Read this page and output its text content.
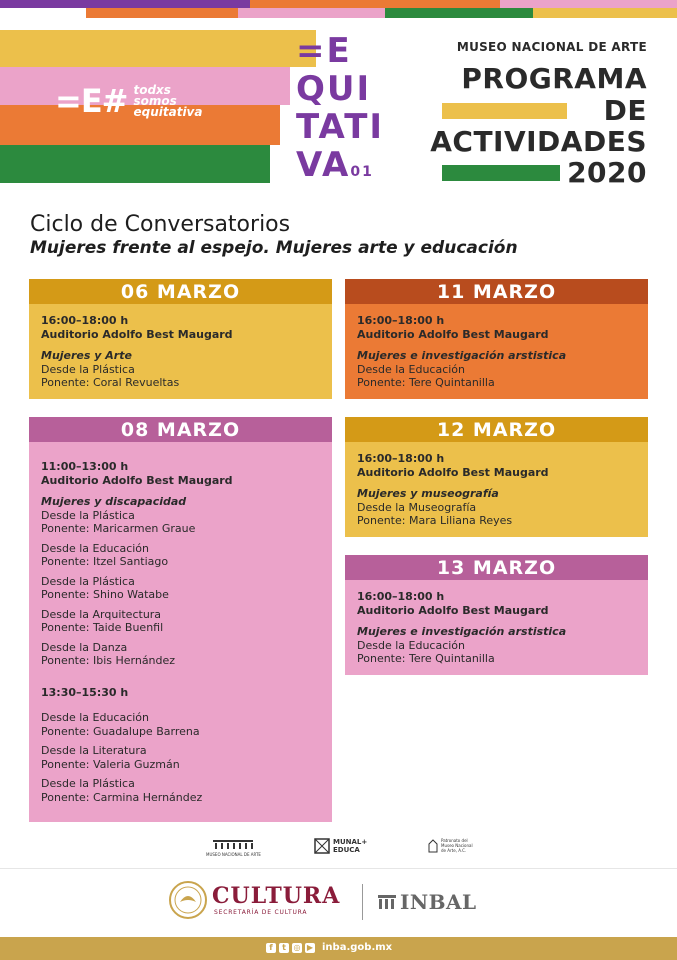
=E# todxs
somos
equitativa
=E
QUI
TATI
VA01
MUSEO NACIONAL DE ARTE
PROGRAMA
DE
ACTIVIDADES
2020
Ciclo de Conversatorios
Mujeres frente al espejo. Mujeres arte y educación
06 MARZO
16:00–18:00 h
Auditorio Adolfo Best Maugard
Mujeres y Arte
Desde la Plástica
Ponente: Coral Revueltas
11 MARZO
16:00–18:00 h
Auditorio Adolfo Best Maugard
Mujeres e investigación arstistica
Desde la Educación
Ponente: Tere Quintanilla
08 MARZO
11:00–13:00 h
Auditorio Adolfo Best Maugard
Mujeres y discapacidad
Desde la Plástica
Ponente: Maricarmen Graue
Desde la Educación
Ponente: Itzel Santiago
Desde la Plástica
Ponente: Shino Watabe
Desde la Arquitectura
Ponente: Taide Buenfil
Desde la Danza
Ponente: Ibis Hernández
13:30–15:30 h
Desde la Educación
Ponente: Guadalupe Barrena
Desde la Literatura
Ponente: Valeria Guzmán
Desde la Plástica
Ponente: Carmina Hernández
12 MARZO
16:00–18:00 h
Auditorio Adolfo Best Maugard
Mujeres y museografía
Desde la Museografía
Ponente: Mara Liliana Reyes
13 MARZO
16:00–18:00 h
Auditorio Adolfo Best Maugard
Mujeres e investigación arstistica
Desde la Educación
Ponente: Tere Quintanilla
MUSEO NACIONAL DE ARTE
MUNAL+
EDUCA
Patronato del
Museo Nacional
de Arte, A.C.
CULTURA
SECRETARÍA DE CULTURA	INBAL
f	t ◎ ▶ inba.gob.mx
